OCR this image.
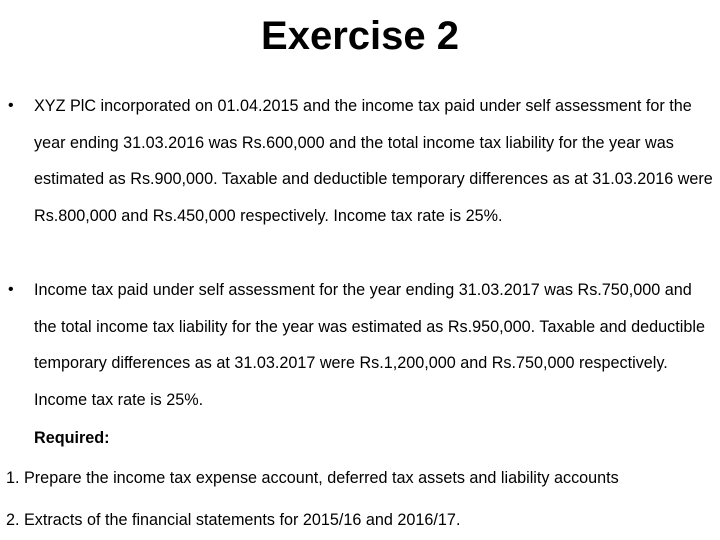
Exercise 2
• XYZ PlC incorporated on 01.04.2015 and the income tax paid under self assessment for the year ending 31.03.2016 was Rs.600,000 and the total income tax liability for the year was estimated as Rs.900,000. Taxable and deductible temporary differences as at 31.03.2016 were Rs.800,000 and Rs.450,000 respectively. Income tax rate is 25%.
• Income tax paid under self assessment for the year ending 31.03.2017 was Rs.750,000 and the total income tax liability for the year was estimated as Rs.950,000. Taxable and deductible temporary differences as at 31.03.2017 were Rs.1,200,000 and Rs.750,000 respectively. Income tax rate is 25%.
Required:
1. Prepare the income tax expense account, deferred tax assets and liability accounts
2. Extracts of the financial statements for 2015/16 and 2016/17.
